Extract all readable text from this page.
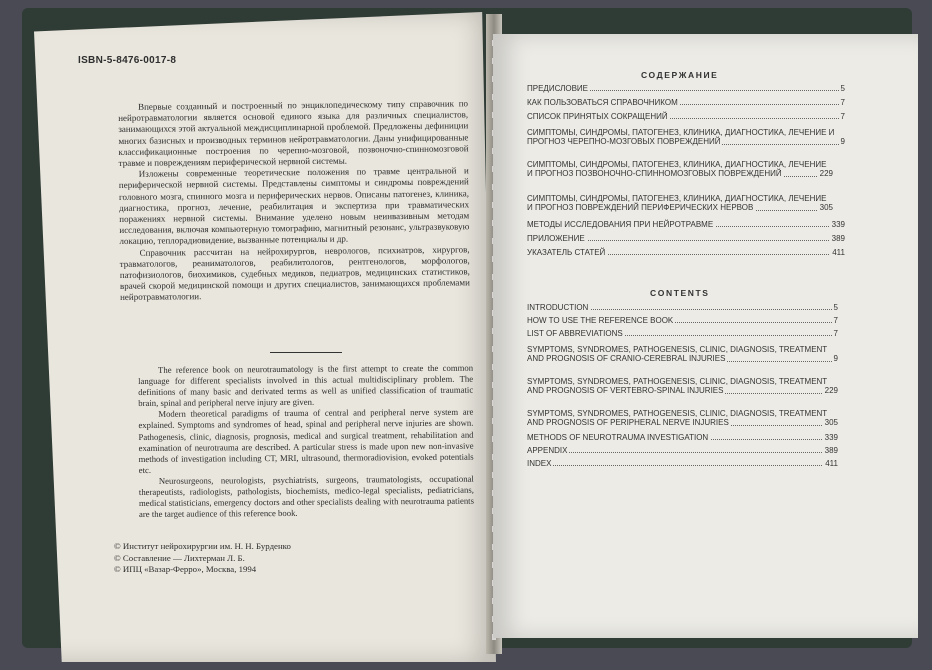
ISBN-5-8476-0017-8

Впервые созданный и построенный по энциклопедическому типу справочник по нейротравматологии является основой единого языка для различных специалистов, занимающихся этой актуальной междисциплинарной проблемой. Предложены дефиниции многих базисных и производных терминов нейротравматологии. Даны унифицированные классификационные построения по черепно-мозговой, позвоночно-спинномозговой травме и повреждениям периферической нервной системы.

Изложены современные теоретические положения по травме центральной и периферической нервной системы. Представлены симптомы и синдромы повреждений головного мозга, спинного мозга и периферических нервов. Описаны патогенез, клиника, диагностика, прогноз, лечение, реабилитация и экспертиза при травматических поражениях нервной системы. Внимание уделено новым неинвазивным методам исследования, включая компьютерную томографию, магнитный резонанс, ультразвуковую локацию, теплорадиовидение, вызванные потенциалы и др.

Справочник рассчитан на нейрохирургов, неврологов, психиатров, хирургов, травматологов, реаниматологов, реабилитологов, рентгенологов, морфологов, патофизиологов, биохимиков, судебных медиков, педиатров, медицинских статистиков, врачей скорой медицинской помощи и других специалистов, занимающихся проблемами нейротравматологии.

The reference book on neurotraumatology is the first attempt to create the common language for different specialists involved in this actual multidisciplinary problem. The definitions of many basic and derivated terms as well as unified classification of traumatic brain, spinal and peripheral nerve injury are given.

Modern theoretical paradigms of trauma of central and peripheral nerve system are explained. Symptoms and syndromes of head, spinal and peripheral nerve injuries are shown. Pathogenesis, clinic, diagnosis, prognosis, medical and surgical treatment, rehabilitation and examination of neurotrauma are described. A particular stress is made upon new non-invasive methods of investigation including CT, MRI, ultrasound, thermoradiovision, evoked potentials etc.

Neurosurgeons, neurologists, psychiatrists, surgeons, traumatologists, occupational therapeutists, radiologists, pathologists, biochemists, medico-legal specialists, pediatricians, medical statisticians, emergency doctors and other specialists dealing with neurotrauma patients are the target audience of this reference book.

© Институт нейрохирургии им. Н. Н. Бурденко
© Составление — Лихтерман Л. Б.
© ИПЦ «Вазар-Ферро», Москва, 1994
СОДЕРЖАНИЕ
ПРЕДИСЛОВИЕ	5
КАК ПОЛЬЗОВАТЬСЯ СПРАВОЧНИКОМ	7
СПИСОК ПРИНЯТЫХ СОКРАЩЕНИЙ	7
СИМПТОМЫ, СИНДРОМЫ, ПАТОГЕНЕЗ, КЛИНИКА, ДИАГНОСТИКА, ЛЕЧЕНИЕ И ПРОГНОЗ ЧЕРЕПНО-МОЗГОВЫХ ПОВРЕЖДЕНИЙ	9
СИМПТОМЫ, СИНДРОМЫ, ПАТОГЕНЕЗ, КЛИНИКА, ДИАГНОСТИКА, ЛЕЧЕНИЕ И ПРОГНОЗ ПОЗВОНОЧНО-СПИННОМОЗГОВЫХ ПОВРЕЖДЕНИЙ	229
СИМПТОМЫ, СИНДРОМЫ, ПАТОГЕНЕЗ, КЛИНИКА, ДИАГНОСТИКА, ЛЕЧЕНИЕ И ПРОГНОЗ ПОВРЕЖДЕНИЙ ПЕРИФЕРИЧЕСКИХ НЕРВОВ	305
МЕТОДЫ ИССЛЕДОВАНИЯ ПРИ НЕЙРОТРАВМЕ	339
ПРИЛОЖЕНИЕ	389
УКАЗАТЕЛЬ СТАТЕЙ	411
CONTENTS
INTRODUCTION	5
HOW TO USE THE REFERENCE BOOK	7
LIST OF ABBREVIATIONS	7
SYMPTOMS, SYNDROMES, PATHOGENESIS, CLINIC, DIAGNOSIS, TREATMENT AND PROGNOSIS OF CRANIO-CEREBRAL INJURIES	9
SYMPTOMS, SYNDROMES, PATHOGENESIS, CLINIC, DIAGNOSIS, TREATMENT AND PROGNOSIS OF VERTEBRO-SPINAL INJURIES	229
SYMPTOMS, SYNDROMES, PATHOGENESIS, CLINIC, DIAGNOSIS, TREATMENT AND PROGNOSIS OF PERIPHERAL NERVE INJURIES	305
METHODS OF NEUROTRAUMA INVESTIGATION	339
APPENDIX	389
INDEX	411
